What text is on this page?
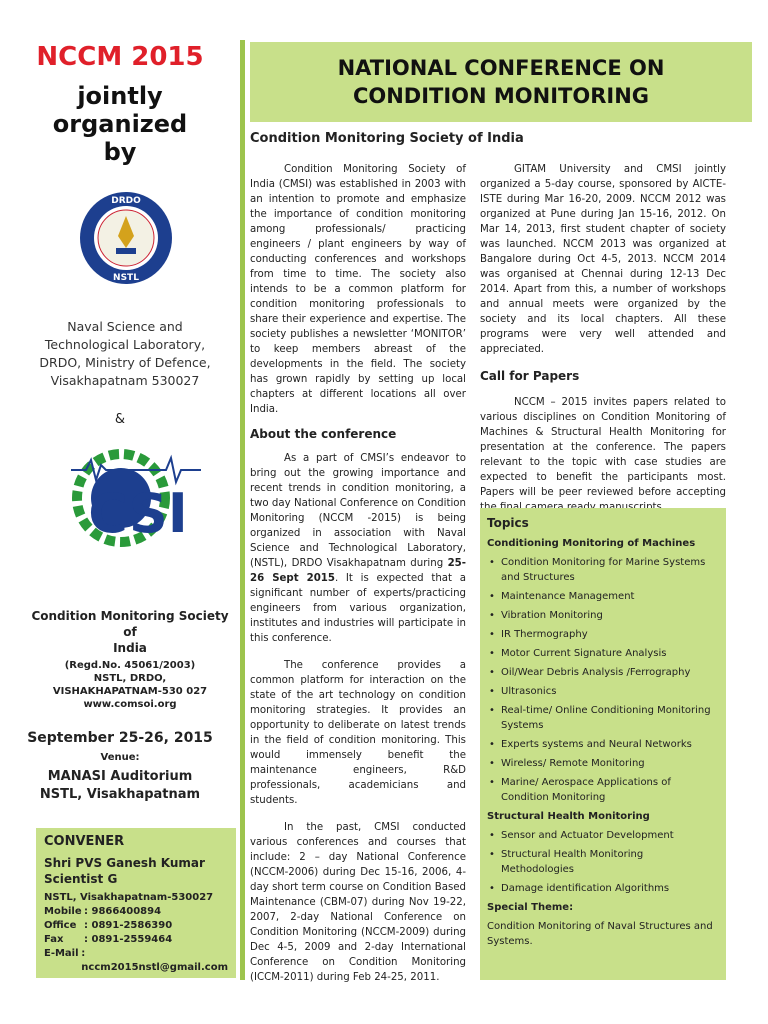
NCCM 2015
jointly
organized
by
DRDO
NSTL
Naval Science and
Technological Laboratory,
DRDO, Ministry of Defence,
Visakhapatnam 530027
&
CSI
Condition Monitoring Society of
India
(Regd.No. 45061/2003)
NSTL, DRDO,
VISHAKHAPATNAM-530 027
www.comsoi.org
September 25-26, 2015
Venue:
MANASI Auditorium
NSTL, Visakhapatnam
CONVENER
Shri PVS Ganesh Kumar
Scientist G
NSTL, Visakhapatnam-530027
Mobile : 9866400894
Office : 0891-2586390
Fax	: 0891-2559464
E-Mail : nccm2015nstl@gmail.com
NATIONAL CONFERENCE ON
CONDITION MONITORING
Condition Monitoring Society of India

Condition Monitoring Society of India (CMSI) was established in 2003 with an intention to promote and emphasize the importance of condition monitoring among professionals/ practicing engineers / plant engineers by way of conducting conferences and workshops from time to time. The society also intends to be a common platform for condition monitoring professionals to share their experience and expertise. The society publishes a newsletter ‘MONITOR’ to keep members abreast of the developments in the field. The society has grown rapidly by setting up local chapters at different locations all over India.

About the conference

As a part of CMSI’s endeavor to bring out the growing importance and recent trends in condition monitoring, a two day National Conference on Condition Monitoring (NCCM -2015) is being organized in association with Naval Science and Technological Laboratory, (NSTL), DRDO Visakhapatnam during 25-26 Sept 2015. It is expected that a significant number of experts/practicing engineers from various organization, institutes and industries will participate in this conference.

The conference provides a common platform for interaction on the state of the art technology on condition monitoring strategies. It provides an opportunity to deliberate on latest trends in the field of condition monitoring. This would immensely benefit the maintenance engineers, R&D professionals, academicians and students.

In the past, CMSI conducted various conferences and courses that include: 2 – day National Conference (NCCM-2006) during Dec 15-16, 2006, 4-day short term course on Condition Based Maintenance (CBM-07) during Nov 19-22, 2007, 2-day National Conference on Condition Monitoring (NCCM-2009) during Dec 4-5, 2009 and 2-day International Conference on Condition Monitoring (ICCM-2011) during Feb 24-25, 2011.

GITAM University and CMSI jointly organized a 5-day course, sponsored by AICTE-ISTE during Mar 16-20, 2009. NCCM 2012 was organized at Pune during Jan 15-16, 2012. On Mar 14, 2013, first student chapter of society was launched. NCCM 2013 was organized at Bangalore during Oct 4-5, 2013. NCCM 2014 was organised at Chennai during 12-13 Dec 2014. Apart from this, a number of workshops and annual meets were organized by the society and its local chapters. All these programs were very well attended and appreciated.

Call for Papers

NCCM – 2015 invites papers related to various disciplines on Condition Monitoring of Machines & Structural Health Monitoring for presentation at the conference. The papers relevant to the topic with case studies are expected to benefit the participants most. Papers will be peer reviewed before accepting

Topics
Conditioning Monitoring of Machines
• Condition Monitoring for Marine Systems and Structures
• Maintenance Management
• Vibration Monitoring
• IR Thermography
• Motor Current Signature Analysis
• Oil/Wear Debris Analysis /Ferrography
• Ultrasonics
• Real-time/ Online Conditioning Monitoring Systems
• Experts systems and Neural Networks
• Wireless/ Remote Monitoring
• Marine/ Aerospace Applications of Condition Monitoring
Structural Health Monitoring
• Sensor and Actuator Development
• Structural Health Monitoring Methodologies
• Damage identification Algorithms
Special Theme:

Condition Monitoring of Naval Structures and Systems.
